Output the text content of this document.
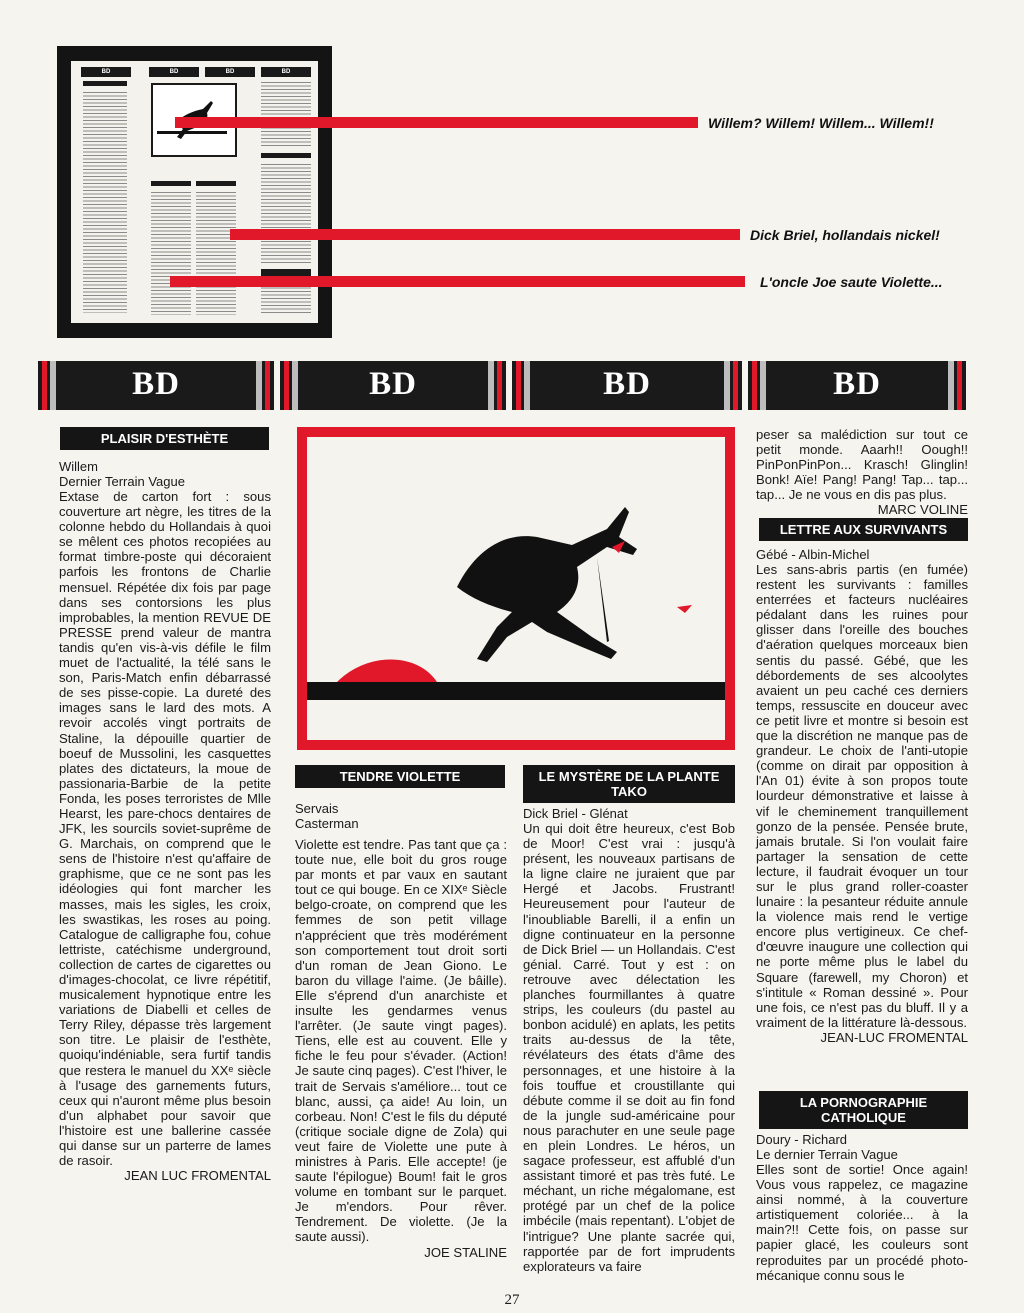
BD	BD	BD	BD
Willem? Willem! Willem... Willem!!
Dick Briel, hollandais nickel!
L'oncle Joe saute Violette...
BD	BD	BD	BD
PLAISIR D'ESTHÈTE
Willem
Dernier Terrain Vague

Extase de carton fort : sous couverture art nègre, les titres de la colonne hebdo du Hollandais à quoi se mêlent ces photos recopiées au format timbre-poste qui décoraient parfois les frontons de Charlie mensuel. Répétée dix fois par page dans ses contorsions les plus improbables, la mention REVUE DE PRESSE prend valeur de mantra tandis qu'en vis-à-vis défile le film muet de l'actualité, la télé sans le son, Paris-Match enfin débarrassé de ses pisse-copie. La dureté des images sans le lard des mots. A revoir accolés vingt portraits de Staline, la dépouille quartier de boeuf de Mussolini, les casquettes plates des dictateurs, la moue de passionaria-Barbie de la petite Fonda, les poses terroristes de Mlle Hearst, les pare-chocs dentaires de JFK, les sourcils soviet-suprême de G. Marchais, on comprend que le sens de l'histoire n'est qu'affaire de graphisme, que ce ne sont pas les idéologies qui font marcher les masses, mais les sigles, les croix, les swastikas, les roses au poing. Catalogue de calligraphe fou, cohue lettriste, catéchisme underground, collection de cartes de cigarettes ou d'images-chocolat, ce livre répétitif, musicalement hypnotique entre les variations de Diabelli et celles de Terry Riley, dépasse très largement son titre. Le plaisir de l'esthète, quoiqu'indéniable, sera furtif tandis que restera le manuel du XXᵉ siècle à l'usage des garnements futurs, ceux qui n'auront même plus besoin d'un alphabet pour savoir que l'histoire est une ballerine cassée qui danse sur un parterre de lames de rasoir.

JEAN LUC FROMENTAL

TENDRE VIOLETTE
Servais
Casterman

Violette est tendre. Pas tant que ça : toute nue, elle boit du gros rouge par monts et par vaux en sautant tout ce qui bouge. En ce XIXᵉ Siècle belgo-croate, on comprend que les femmes de son petit village n'apprécient que très modérément son comportement tout droit sorti d'un roman de Jean Giono. Le baron du village l'aime. (Je bâille). Elle s'éprend d'un anarchiste et insulte les gendarmes venus l'arrêter. (Je saute vingt pages). Tiens, elle est au couvent. Elle y fiche le feu pour s'évader. (Action! Je saute cinq pages). C'est l'hiver, le trait de Servais s'améliore... tout ce blanc, aussi, ça aide! Au loin, un corbeau. Non! C'est le fils du député (critique sociale digne de Zola) qui veut faire de Violette une pute à ministres à Paris. Elle accepte! (je saute l'épilogue) Boum! fait le gros volume en tombant sur le parquet. Je m'endors. Pour rêver. Tendrement. De violette. (Je la saute aussi).

JOE STALINE

LE MYSTÈRE DE LA PLANTE TAKO
Dick Briel - Glénat

Un qui doit être heureux, c'est Bob de Moor! C'est vrai : jusqu'à présent, les nouveaux partisans de la ligne claire ne juraient que par Hergé et Jacobs. Frustrant! Heureusement pour l'auteur de l'inoubliable Barelli, il a enfin un digne continuateur en la personne de Dick Briel — un Hollandais. C'est génial. Carré. Tout y est : on retrouve avec délectation les planches fourmillantes à quatre strips, les couleurs (du pastel au bonbon acidulé) en aplats, les petits traits au-dessus de la tête, révélateurs des états d'âme des personnages, et une histoire à la fois touffue et croustillante qui débute comme il se doit au fin fond de la jungle sud-américaine pour nous parachuter en une seule page en plein Londres. Le héros, un sagace professeur, est affublé d'un assistant timoré et pas très futé. Le méchant, un riche mégalomane, est protégé par un chef de la police imbécile (mais repentant). L'objet de l'intrigue? Une plante sacrée qui, rapportée par de fort imprudents explorateurs va faire

peser sa malédiction sur tout ce petit monde. Aaarh!! Oough!! PinPonPinPon... Krasch! Glinglin! Bonk! Aïe! Pang! Pang! Tap... tap... tap... Je ne vous en dis pas plus.

MARC VOLINE

LETTRE AUX SURVIVANTS
Gébé - Albin-Michel

Les sans-abris partis (en fumée) restent les survivants : familles enterrées et facteurs nucléaires pédalant dans les ruines pour glisser dans l'oreille des bouches d'aération quelques morceaux bien sentis du passé. Gébé, que les débordements de ses alcoolytes avaient un peu caché ces derniers temps, ressuscite en douceur avec ce petit livre et montre si besoin est que la discrétion ne manque pas de grandeur. Le choix de l'anti-utopie (comme on dirait par opposition à l'An 01) évite à son propos toute lourdeur démonstrative et laisse à vif le cheminement tranquillement gonzo de la pensée. Pensée brute, jamais brutale. Si l'on voulait faire partager la sensation de cette lecture, il faudrait évoquer un tour sur le plus grand roller-coaster lunaire : la pesanteur réduite annule la violence mais rend le vertige encore plus vertigineux. Ce chef-d'œuvre inaugure une collection qui ne porte même plus le label du Square (farewell, my Choron) et s'intitule « Roman dessiné ». Pour une fois, ce n'est pas du bluff. Il y a vraiment de la littérature là-dessous.

JEAN-LUC FROMENTAL

LA PORNOGRAPHIE CATHOLIQUE
Doury - Richard
Le dernier Terrain Vague

Elles sont de sortie! Once again! Vous vous rappelez, ce magazine ainsi nommé, à la couverture artistiquement coloriée... à la main?!! Cette fois, on passe sur papier glacé, les couleurs sont reproduites par un procédé photo-mécanique connu sous le

27
